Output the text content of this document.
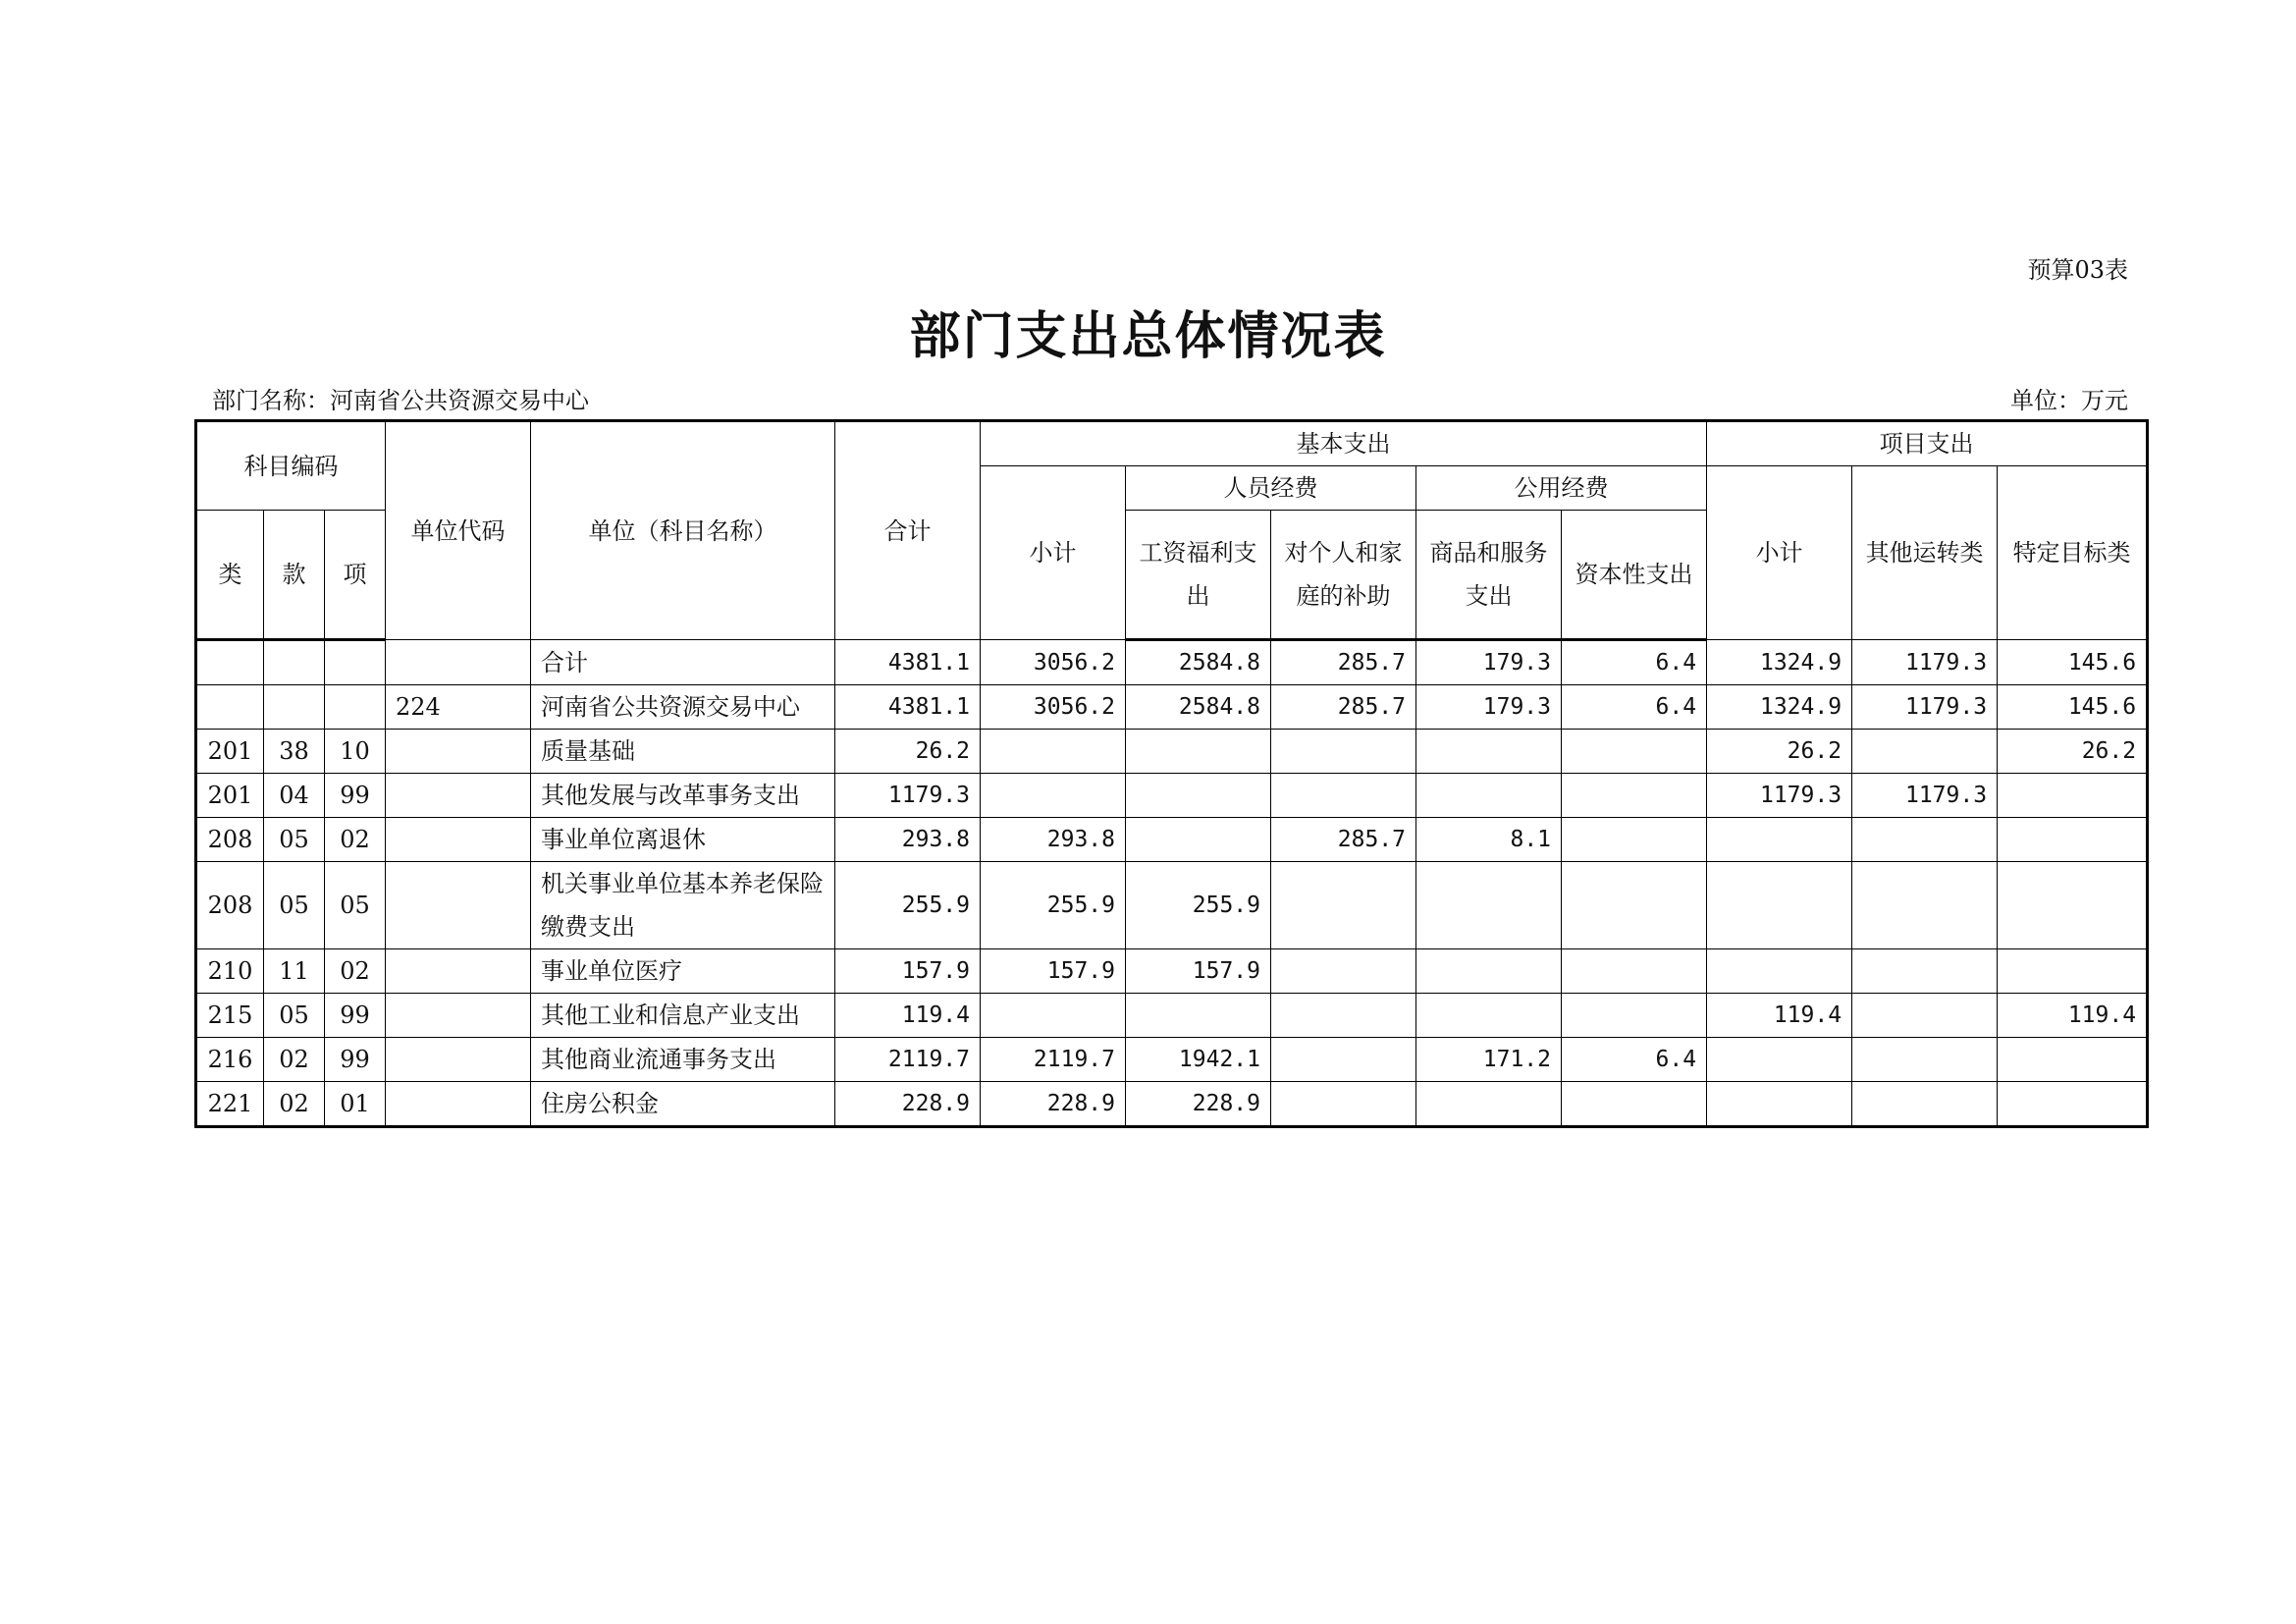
预算03表
部门支出总体情况表
部门名称：河南省公共资源交易中心	单位：万元
科目编码			单位代码	单位（科目名称）	合计	基本支出					项目支出		
						小计	人员经费		公用经费		小计	其他运转类	特定目标类
类	款	项					工资福利支出	对个人和家庭的补助	商品和服务支出	资本性支出			
				合计	4381.1	3056.2	2584.8	285.7	179.3	6.4	1324.9	1179.3	145.6
			224	河南省公共资源交易中心	4381.1	3056.2	2584.8	285.7	179.3	6.4	1324.9	1179.3	145.6
201	38	10		质量基础	26.2						26.2		26.2
201	04	99		其他发展与改革事务支出	1179.3						1179.3	1179.3	
208	05	02		事业单位离退休	293.8	293.8		285.7	8.1				
208	05	05		机关事业单位基本养老保险缴费支出	255.9	255.9	255.9						
210	11	02		事业单位医疗	157.9	157.9	157.9						
215	05	99		其他工业和信息产业支出	119.4						119.4		119.4
216	02	99		其他商业流通事务支出	2119.7	2119.7	1942.1		171.2	6.4			
221	02	01		住房公积金	228.9	228.9	228.9						
